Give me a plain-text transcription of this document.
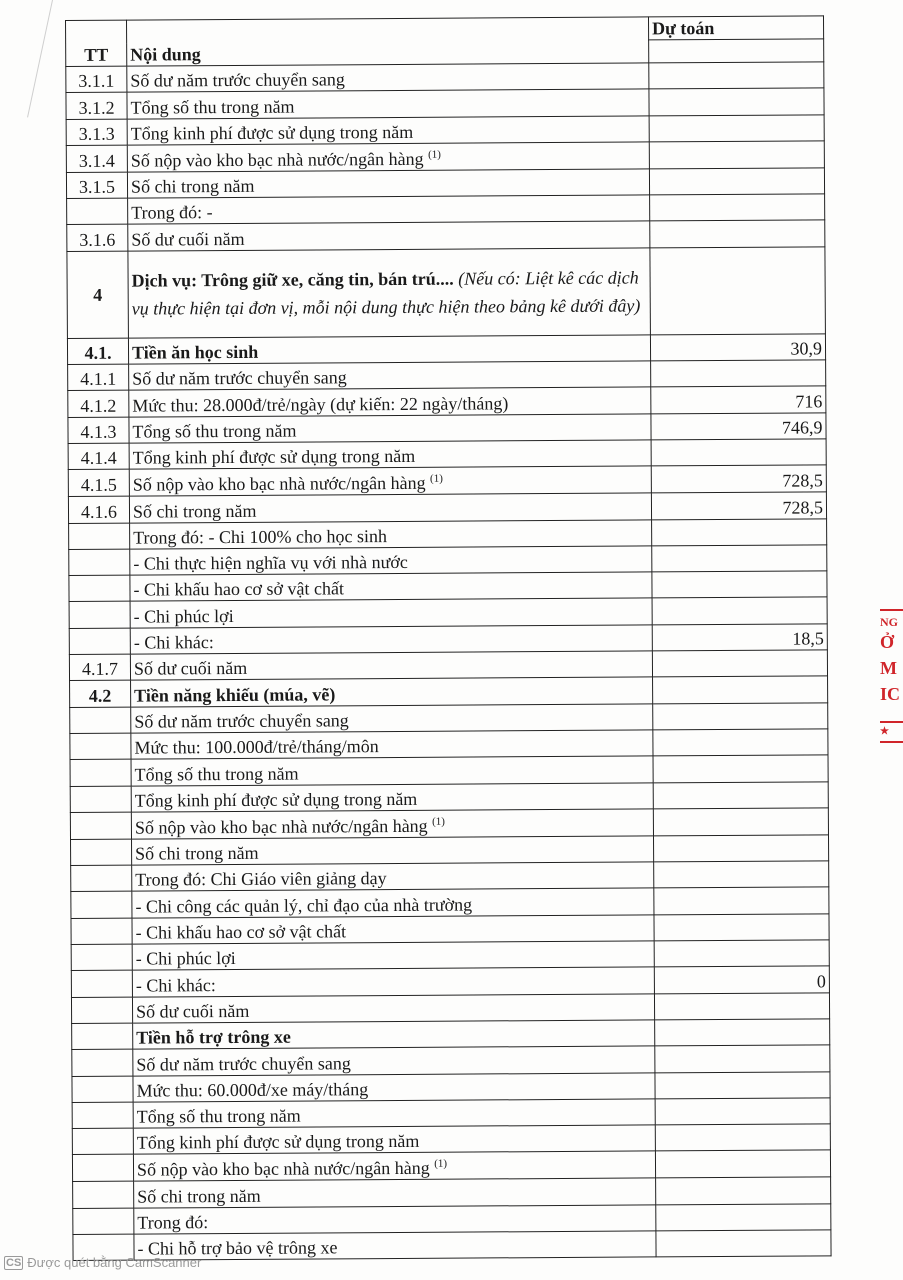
TT	Nội dung	Dự toán

3.1.1	Số dư năm trước chuyển sang	
3.1.2	Tổng số thu trong năm	
3.1.3	Tổng kinh phí được sử dụng trong năm	
3.1.4	Số nộp vào kho bạc nhà nước/ngân hàng $^{(1)}$	
3.1.5	Số chi trong năm	
	Trong đó: -	
3.1.6	Số dư cuối năm	
4	Dịch vụ: Trông giữ xe, căng tin, bán trú.... (Nếu có: Liệt kê các dịch vụ thực hiện tại đơn vị, mỗi nội dung thực hiện theo bảng kê dưới đây)	
4.1.	Tiền ăn học sinh	30,9
4.1.1	Số dư năm trước chuyển sang	
4.1.2	Mức thu: 28.000đ/trẻ/ngày (dự kiến: 22 ngày/tháng)	716
4.1.3	Tổng số thu trong năm	746,9
4.1.4	Tổng kinh phí được sử dụng trong năm	
4.1.5	Số nộp vào kho bạc nhà nước/ngân hàng $^{(1)}$	728,5
4.1.6	Số chi trong năm	728,5
	Trong đó: - Chi 100% cho học sinh	
	- Chi thực hiện nghĩa vụ với nhà nước	
	- Chi khấu hao cơ sở vật chất	
	- Chi phúc lợi	
	- Chi khác:	18,5
4.1.7	Số dư cuối năm	
4.2	Tiền năng khiếu (múa, vẽ)	
	Số dư năm trước chuyển sang	
	Mức thu: 100.000đ/trẻ/tháng/môn	
	Tổng số thu trong năm	
	Tổng kinh phí được sử dụng trong năm	
	Số nộp vào kho bạc nhà nước/ngân hàng $^{(1)}$	
	Số chi trong năm	
	Trong đó: Chi Giáo viên giảng dạy	
	- Chi công các quản lý, chỉ đạo của nhà trường	
	- Chi khấu hao cơ sở vật chất	
	- Chi phúc lợi	
	- Chi khác:	0
	Số dư cuối năm	
	Tiền hỗ trợ trông xe	
	Số dư năm trước chuyển sang	
	Mức thu: 60.000đ/xe máy/tháng	
	Tổng số thu trong năm	
	Tổng kinh phí được sử dụng trong năm	
	Số nộp vào kho bạc nhà nước/ngân hàng $^{(1)}$	
	Số chi trong năm	
	Trong đó:	
	- Chi hỗ trợ bảo vệ trông xe	
NG
Ở
M
IC
★
CS Được quét bằng CamScanner
